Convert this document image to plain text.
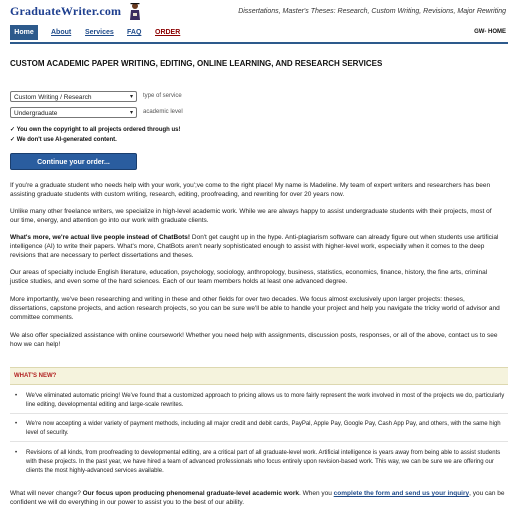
GraduateWriter.com	Dissertations, Master's Theses: Research, Custom Writing, Revisions, Major Rewriting
Home	About Services FAQ ORDER	GW- HOME
CUSTOM ACADEMIC PAPER WRITING, EDITING, ONLINE LEARNING, AND RESEARCH SERVICES
Custom Writing / Research	▾ type of service
Undergraduate	▾ academic level
✓ You own the copyright to all projects ordered through us!
✓ We don't use AI-generated content.
Continue your order...
If you're a graduate student who needs help with your work, you';ve come to the right place! My name is Madeline. My team of expert writers and researchers has been assisting graduate students with custom writing, research, editing, proofreading, and rewriting for over 20 years now.
Unlike many other freelance writers, we specialize in high-level academic work. While we are always happy to assist undergraduate students with their projects, most of our time, energy, and attention go into our work with graduate clients.
What's more, we're actual live people instead of ChatBots! Don't get caught up in the hype. Anti-plagiarism software can already figure out when students use artificial intelligence (AI) to write their papers. What's more, ChatBots aren't nearly sophisticated enough to assist with higher-level work, especially when it comes to the deep revisions that are necessary to perfect dissertations and theses.
Our areas of specialty include English literature, education, psychology, sociology, anthropology, business, statistics, economics, finance, history, the fine arts, criminal justice studies, and even some of the hard sciences. Each of our team members holds at least one advanced degree.
More importantly, we've been researching and writing in these and other fields for over two decades. We focus almost exclusively upon larger projects: theses, dissertations, capstone projects, and action research projects, so you can be sure we'll be able to handle your project and help you navigate the tricky world of advisor and committee comments.
We also offer specialized assistance with online coursework! Whether you need help with assignments, discussion posts, responses, or all of the above, contact us to see how we can help!
WHAT'S NEW?
• We've eliminated automatic pricing! We've found that a customized approach to pricing allows us to more fairly represent the work involved in most of the projects we do, particularly line editing, developmental editing and large-scale rewrites.
• We're now accepting a wider variety of payment methods, including all major credit and debit cards, PayPal, Apple Pay, Google Pay, Cash App Pay, and others, with the same high level of security.
• Revisions of all kinds, from proofreading to developmental editing, are a critical part of all graduate-level work. Artificial intelligence is years away from being able to assist students with these projects. In the past year, we have hired a team of advanced professionals who focus entirely upon revision-based work. This way, we can be sure we are offering our clients the most highly-advanced services available.
What will never change? Our focus upon producing phenomenal graduate-level academic work. When you complete the form and send us your inquiry, you can be confident we will do everything in our power to assist you to the best of our ability.
